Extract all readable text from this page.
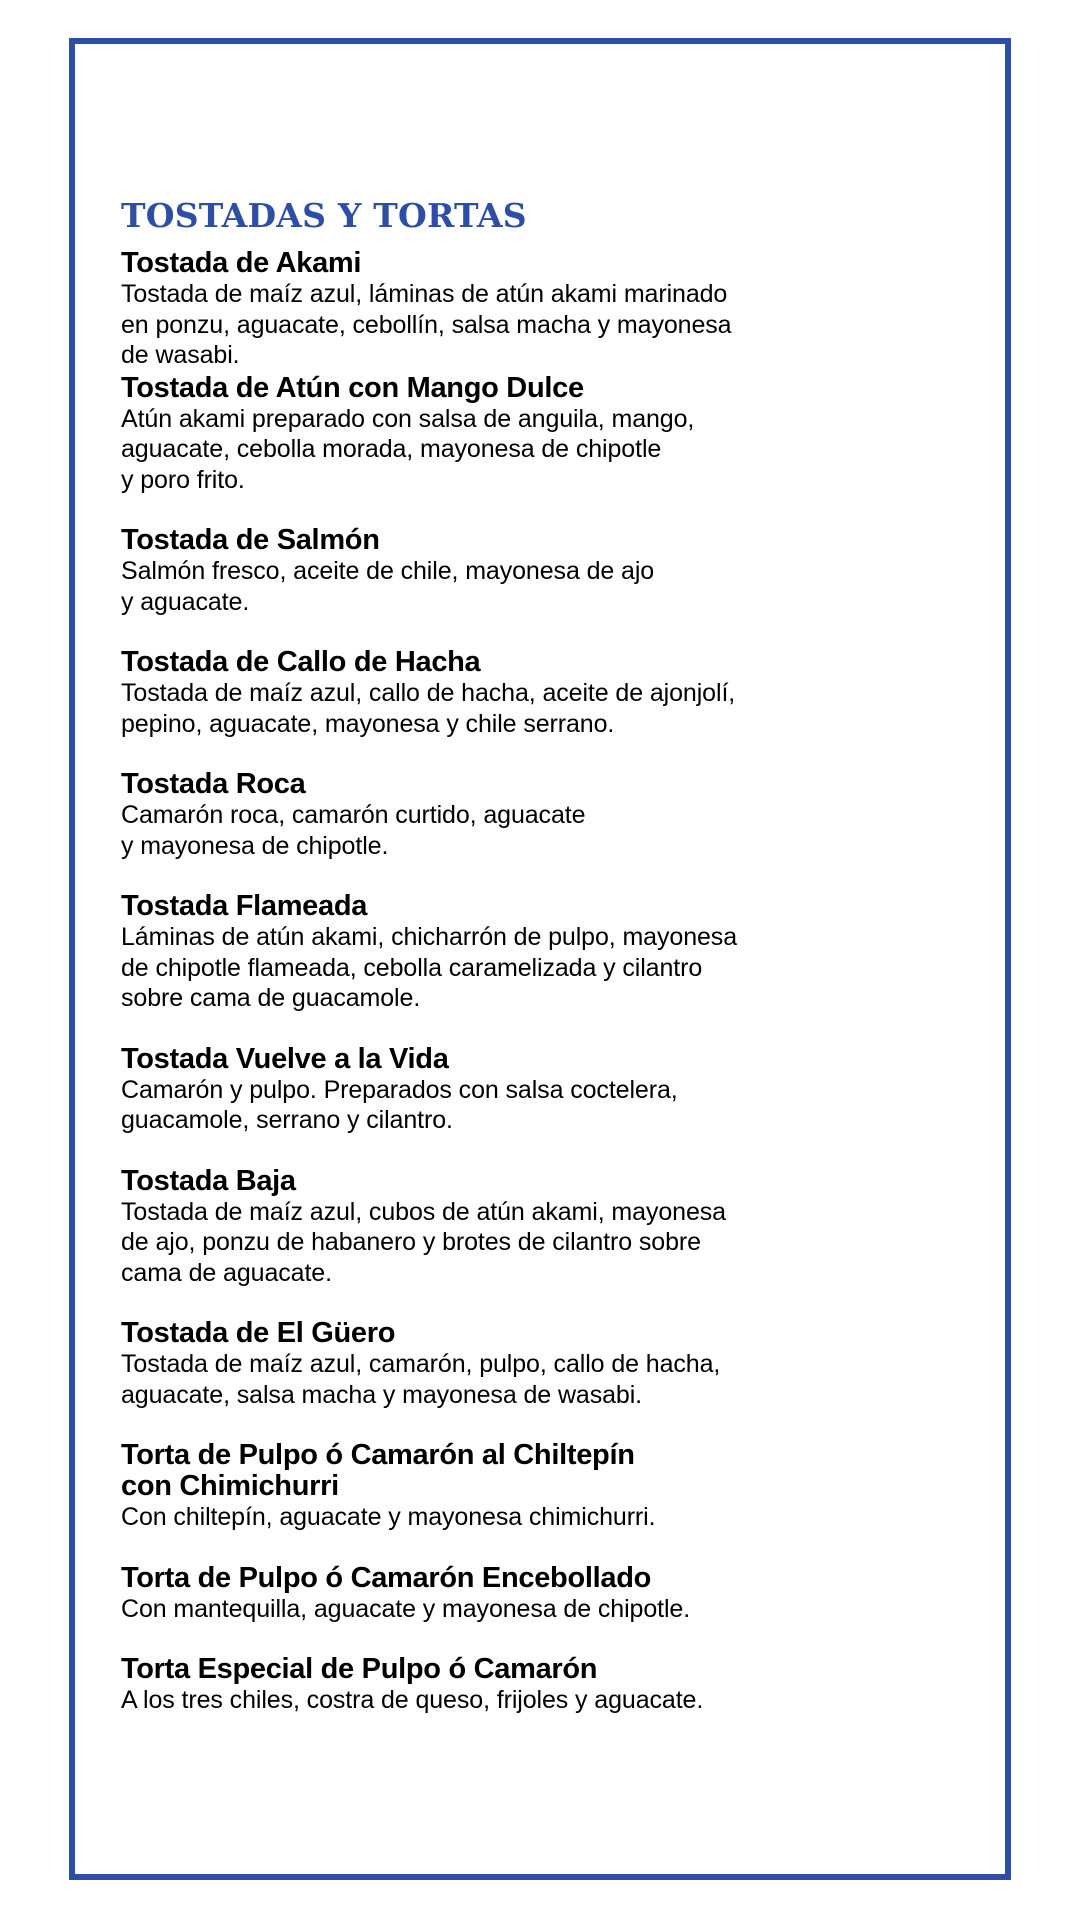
TOSTADAS Y TORTAS
Tostada de Akami
Tostada de maíz azul, láminas de atún akami marinado
en ponzu, aguacate, cebollín, salsa macha y mayonesa
de wasabi.
Tostada de Atún con Mango Dulce
Atún akami preparado con salsa de anguila, mango,
aguacate, cebolla morada, mayonesa de chipotle
y poro frito.
Tostada de Salmón
Salmón fresco, aceite de chile, mayonesa de ajo
y aguacate.
Tostada de Callo de Hacha
Tostada de maíz azul, callo de hacha, aceite de ajonjolí,
pepino, aguacate, mayonesa y chile serrano.
Tostada Roca
Camarón roca, camarón curtido, aguacate
y mayonesa de chipotle.
Tostada Flameada
Láminas de atún akami, chicharrón de pulpo, mayonesa
de chipotle flameada, cebolla caramelizada y cilantro
sobre cama de guacamole.
Tostada Vuelve a la Vida
Camarón y pulpo. Preparados con salsa coctelera,
guacamole, serrano y cilantro.
Tostada Baja
Tostada de maíz azul, cubos de atún akami, mayonesa
de ajo, ponzu de habanero y brotes de cilantro sobre
cama de aguacate.
Tostada de El Güero
Tostada de maíz azul, camarón, pulpo, callo de hacha,
aguacate, salsa macha y mayonesa de wasabi.
Torta de Pulpo ó Camarón al Chiltepín
con Chimichurri
Con chiltepín, aguacate y mayonesa chimichurri.
Torta de Pulpo ó Camarón Encebollado
Con mantequilla, aguacate y mayonesa de chipotle.
Torta Especial de Pulpo ó Camarón
A los tres chiles, costra de queso, frijoles y aguacate.
